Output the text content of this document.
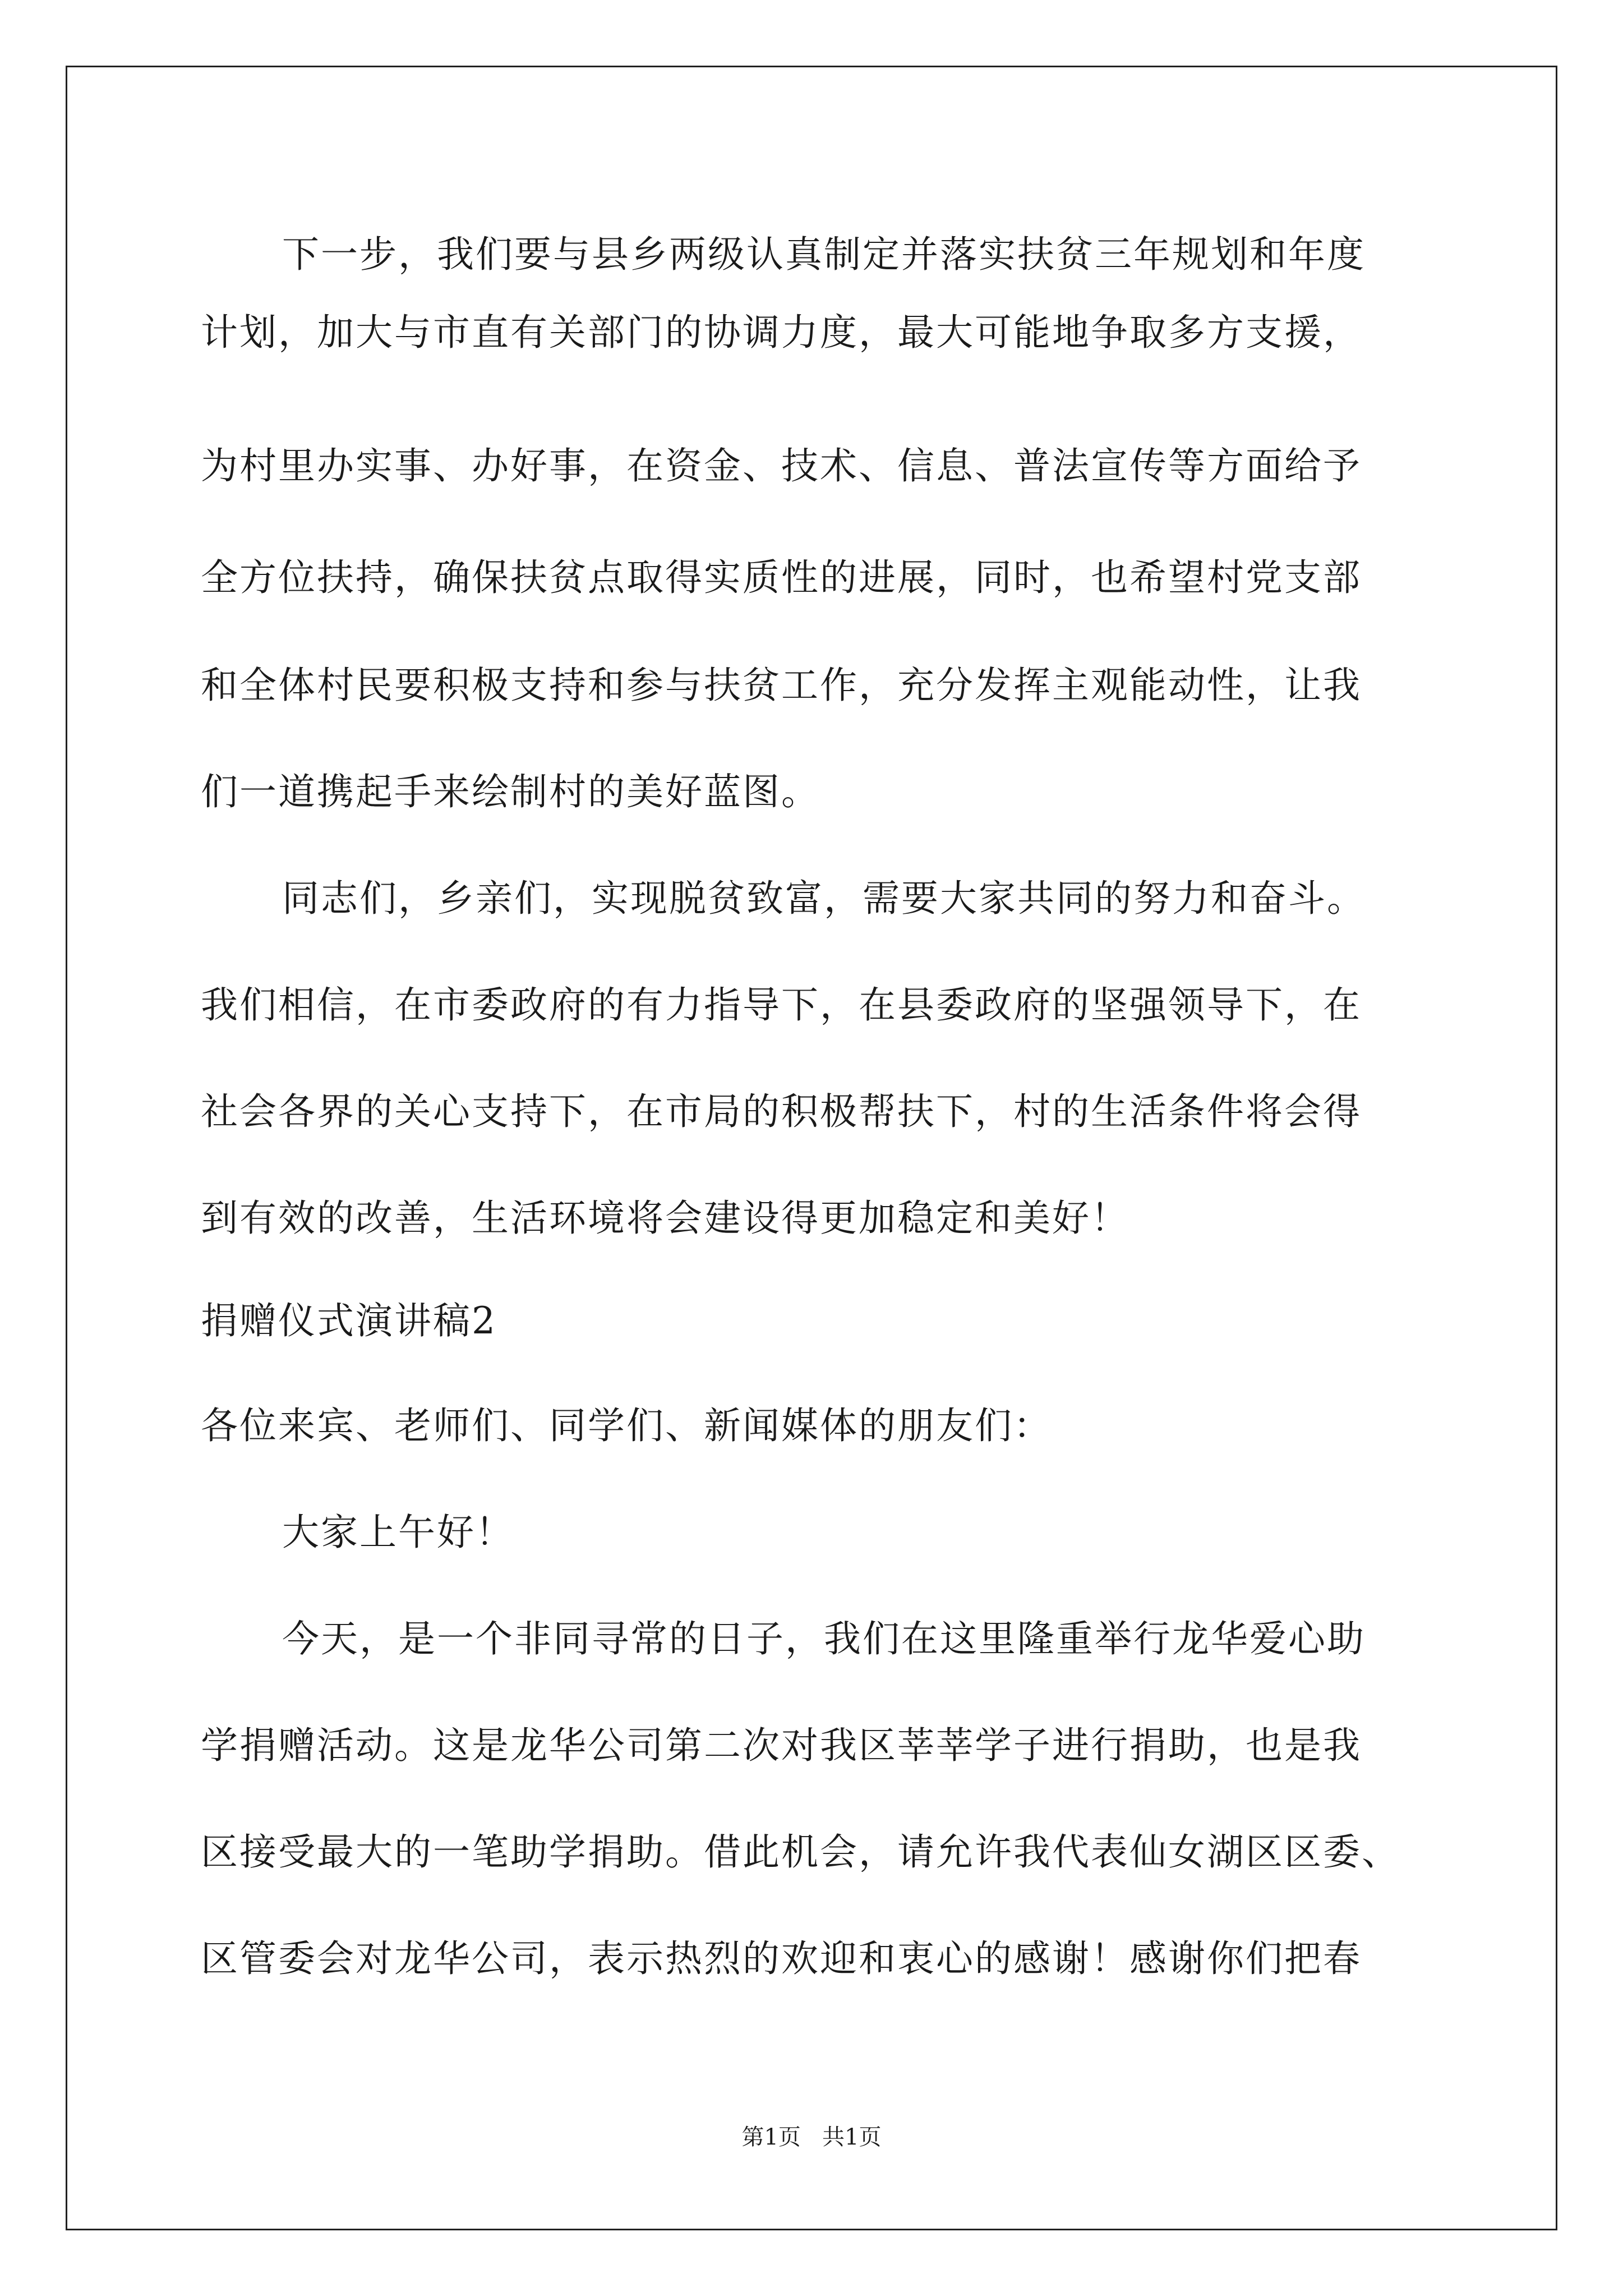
下一步，我们要与县乡两级认真制定并落实扶贫三年规划和年度
计划，加大与市直有关部门的协调力度，最大可能地争取多方支援，
为村里办实事、办好事，在资金、技术、信息、普法宣传等方面给予
全方位扶持，确保扶贫点取得实质性的进展，同时，也希望村党支部
和全体村民要积极支持和参与扶贫工作，充分发挥主观能动性，让我
们一道携起手来绘制村的美好蓝图。
同志们，乡亲们，实现脱贫致富，需要大家共同的努力和奋斗。
我们相信，在市委政府的有力指导下，在县委政府的坚强领导下，在
社会各界的关心支持下，在市局的积极帮扶下，村的生活条件将会得
到有效的改善，生活环境将会建设得更加稳定和美好！
捐赠仪式演讲稿2
各位来宾、老师们、同学们、新闻媒体的朋友们：
大家上午好！
今天，是一个非同寻常的日子，我们在这里隆重举行龙华爱心助
学捐赠活动。这是龙华公司第二次对我区莘莘学子进行捐助，也是我
区接受最大的一笔助学捐助。借此机会，请允许我代表仙女湖区区委、
区管委会对龙华公司，表示热烈的欢迎和衷心的感谢！感谢你们把春
第1页   共1页
